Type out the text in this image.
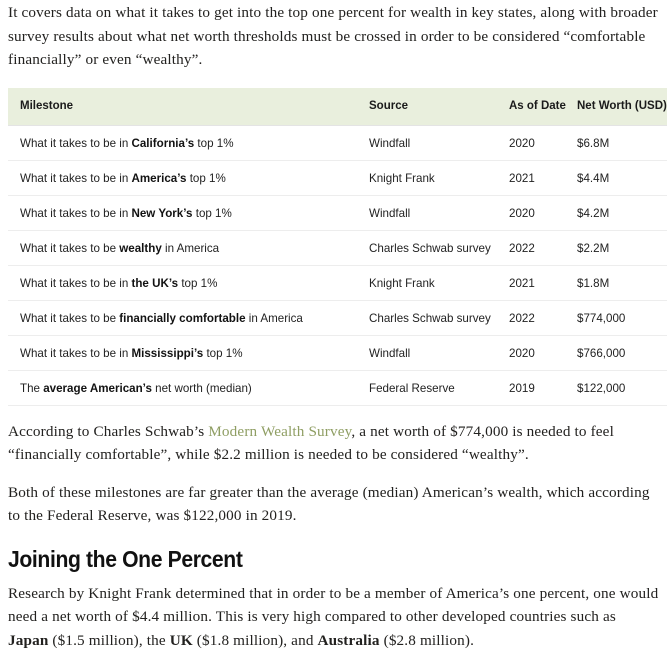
It covers data on what it takes to get into the top one percent for wealth in key states, along with broader survey results about what net worth thresholds must be crossed in order to be considered “comfortable financially” or even “wealthy”.

Milestone	Source	As of Date	Net Worth (USD)
What it takes to be in California’s top 1%	Windfall	2020	$6.8M
What it takes to be in America’s top 1%	Knight Frank	2021	$4.4M
What it takes to be in New York’s top 1%	Windfall	2020	$4.2M
What it takes to be wealthy in America	Charles Schwab survey	2022	$2.2M
What it takes to be in the UK’s top 1%	Knight Frank	2021	$1.8M
What it takes to be financially comfortable in America	Charles Schwab survey	2022	$774,000
What it takes to be in Mississippi’s top 1%	Windfall	2020	$766,000
The average American’s net worth (median)	Federal Reserve	2019	$122,000

According to Charles Schwab’s Modern Wealth Survey, a net worth of $774,000 is needed to feel “financially comfortable”, while $2.2 million is needed to be considered “wealthy”.

Both of these milestones are far greater than the average (median) American’s wealth, which according to the Federal Reserve, was $122,000 in 2019.

Joining the One Percent

Research by Knight Frank determined that in order to be a member of America’s one percent, one would need a net worth of $4.4 million. This is very high compared to other developed countries such as Japan ($1.5 million), the UK ($1.8 million), and Australia ($2.8 million).
